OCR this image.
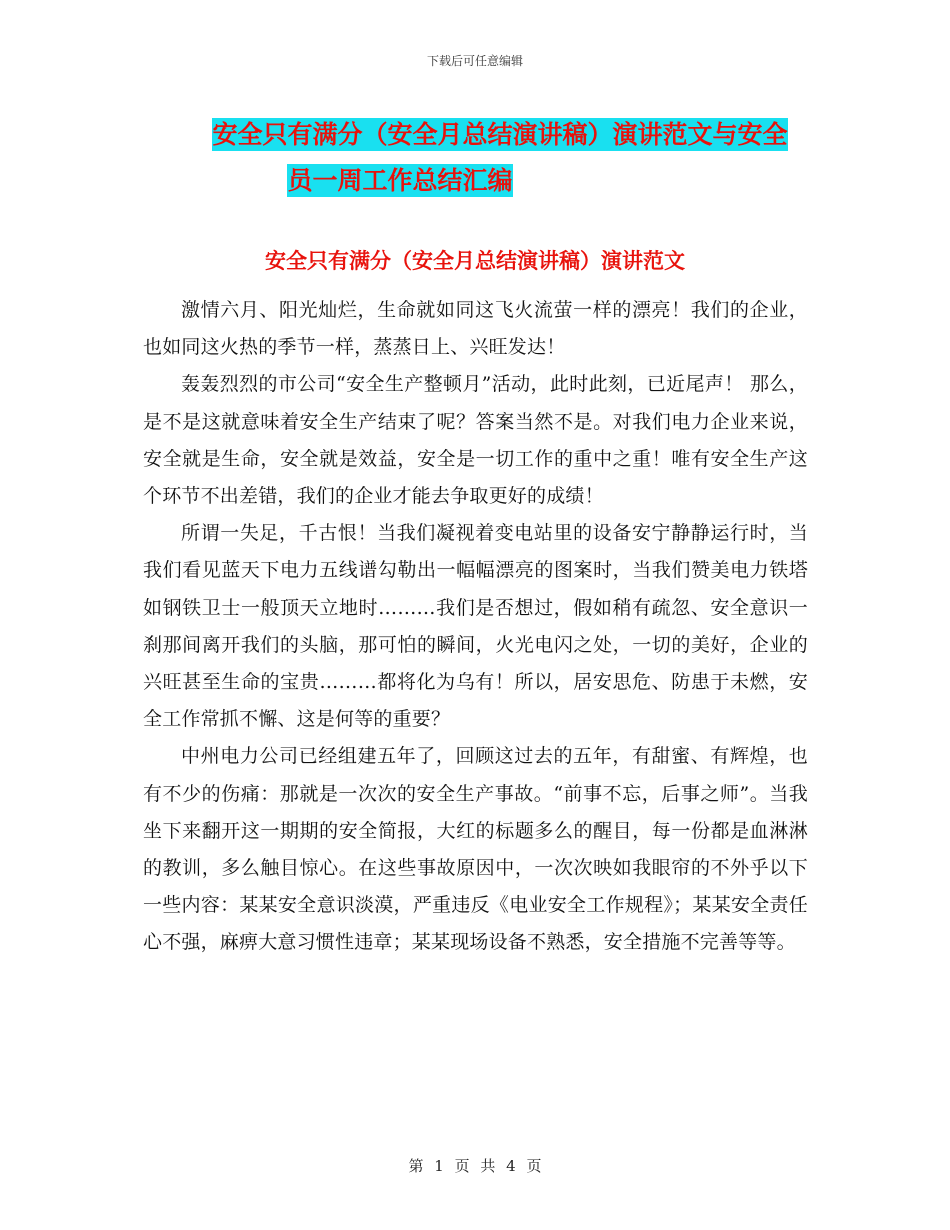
下载后可任意编辑
安全只有满分（安全月总结演讲稿）演讲范文与安全
员一周工作总结汇编
安全只有满分（安全月总结演讲稿）演讲范文

激情六月、阳光灿烂，生命就如同这飞火流萤一样的漂亮！我们的企业，也如同这火热的季节一样，蒸蒸日上、兴旺发达！

轰轰烈烈的市公司“安全生产整顿月”活动，此时此刻，已近尾声！ 那么，是不是这就意味着安全生产结束了呢？答案当然不是。对我们电力企业来说，安全就是生命，安全就是效益，安全是一切工作的重中之重！唯有安全生产这个环节不出差错，我们的企业才能去争取更好的成绩！

所谓一失足，千古恨！当我们凝视着变电站里的设备安宁静静运行时，当我们看见蓝天下电力五线谱勾勒出一幅幅漂亮的图案时，当我们赞美电力铁塔如钢铁卫士一般顶天立地时………我们是否想过，假如稍有疏忽、安全意识一刹那间离开我们的头脑，那可怕的瞬间，火光电闪之处，一切的美好，企业的兴旺甚至生命的宝贵………都将化为乌有！所以，居安思危、防患于未燃，安全工作常抓不懈、这是何等的重要？

中州电力公司已经组建五年了，回顾这过去的五年，有甜蜜、有辉煌，也有不少的伤痛：那就是一次次的安全生产事故。“前事不忘，后事之师”。当我坐下来翻开这一期期的安全简报，大红的标题多么的醒目，每一份都是血淋淋的教训，多么触目惊心。在这些事故原因中，一次次映如我眼帘的不外乎以下一些内容：某某安全意识淡漠，严重违反《电业安全工作规程》；某某安全责任心不强，麻痹大意习惯性违章；某某现场设备不熟悉，安全措施不完善等等。

第 1 页 共 4 页
